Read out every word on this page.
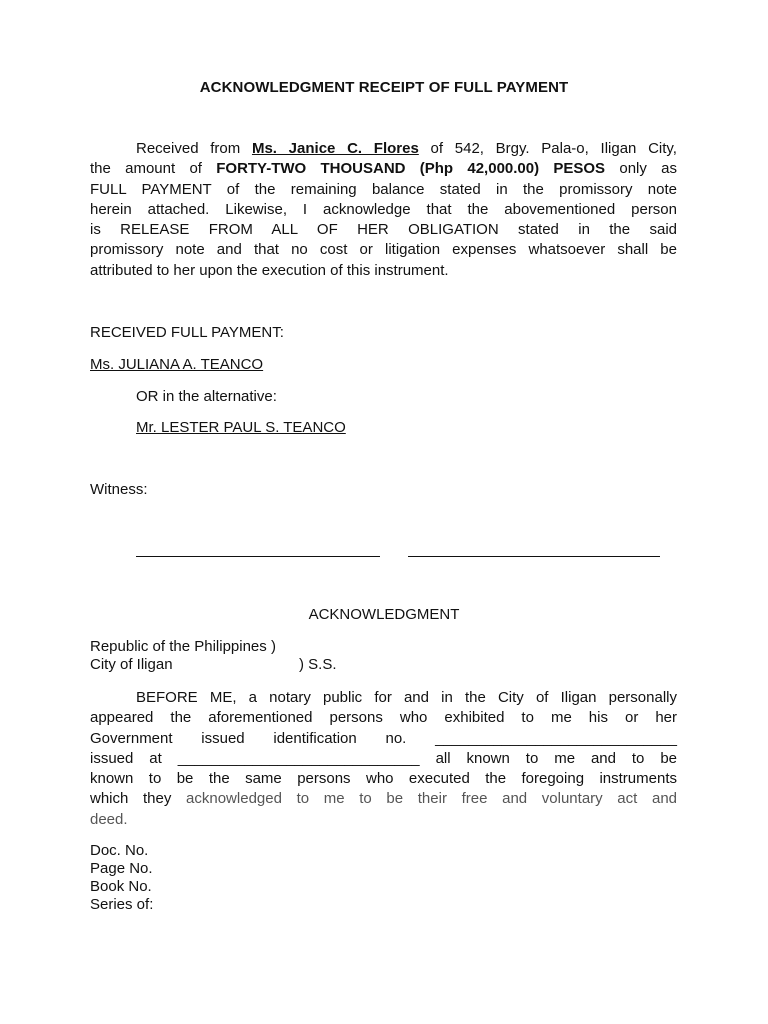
ACKNOWLEDGMENT RECEIPT OF FULL PAYMENT
Received from Ms. Janice C. Flores of 542, Brgy. Pala-o, Iligan City,
the amount of FORTY-TWO THOUSAND (Php 42,000.00) PESOS only as
FULL PAYMENT of the remaining balance stated in the promissory note
herein attached. Likewise, I acknowledge that the abovementioned person
is RELEASE FROM ALL OF HER OBLIGATION stated in the said
promissory note and that no cost or litigation expenses whatsoever shall be
attributed to her upon the execution of this instrument.
RECEIVED FULL PAYMENT:
Ms. JULIANA A. TEANCO
OR in the alternative:
Mr. LESTER PAUL S. TEANCO
Witness:
ACKNOWLEDGMENT
Republic of the Philippines )
City of Iligan	) S.S.
BEFORE ME, a notary public for and in the City of Iligan personally
appeared the aforementioned persons who exhibited to me his or her
Government issued identification no. _____________________________
issued at _____________________________ all known to me and to be
known to be the same persons who executed the foregoing instruments
which they acknowledged to me to be their free and voluntary act and
deed.
Doc. No.
Page No.
Book No.
Series of:
